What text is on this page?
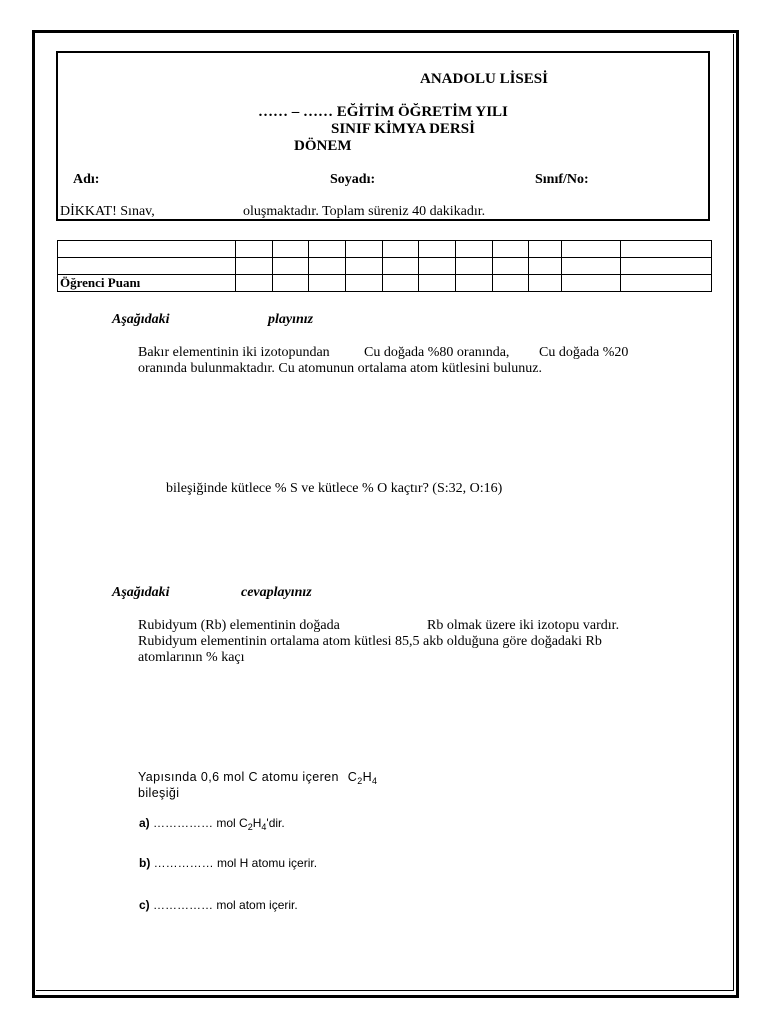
ANADOLU LİSESİ
…… – …… EĞİTİM ÖĞRETİM YILI
SINIF KİMYA DERSİ
DÖNEM
Adı:	Soyadı:	Sınıf/No:
DİKKAT! Sınav,	oluşmaktadır. Toplam süreniz 40 dakikadır.

Öğrenci Puanı											
Aşağıdaki	playınız
Bakır elementinin iki izotopundan Cu doğada %80 oranında, Cu doğada %20
oranında bulunmaktadır. Cu atomunun ortalama atom kütlesini bulunuz.
bileşiğinde kütlece % S ve kütlece % O kaçtır? (S:32, O:16)
Aşağıdaki	cevaplayınız
Rubidyum (Rb) elementinin doğada	Rb olmak üzere iki izotopu vardır.
Rubidyum elementinin ortalama atom kütlesi 85,5 akb olduğuna göre doğadaki Rb
atomlarının % kaçı
Yapısında 0,6 mol C atomu içeren $C_2H_4$
bileşiği
a) …………… mol $C_2H_4'dir$.
b) …………… mol H atomu içerir.
c) …………… mol atom içerir.
